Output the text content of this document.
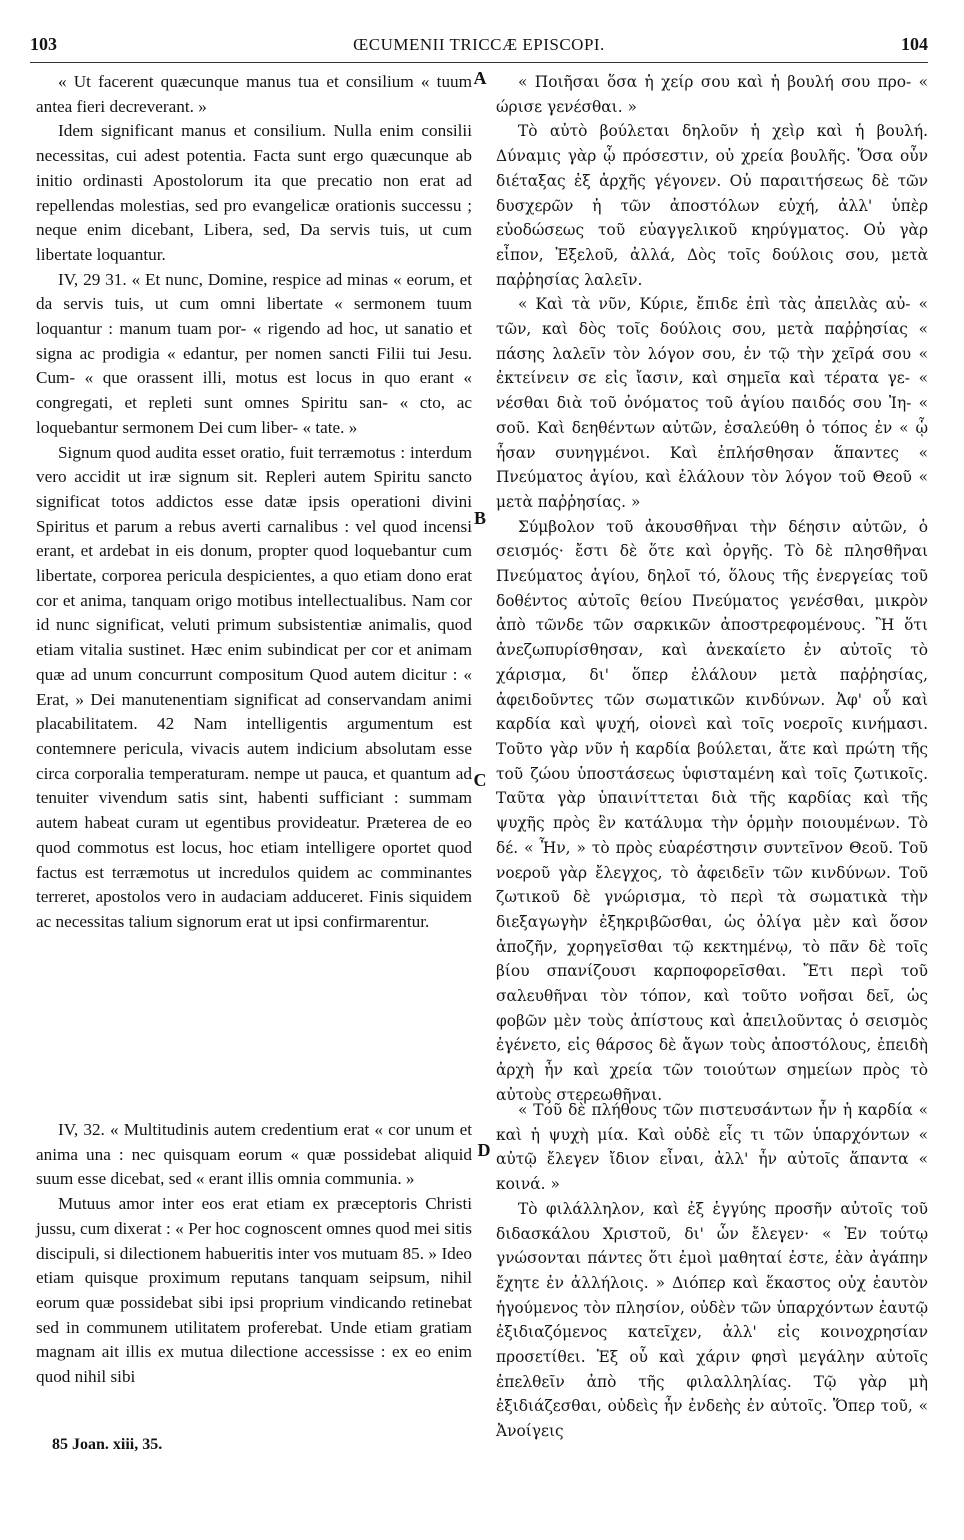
103	ŒCUMENII TRICCÆ EPISCOPI.	104
A
B
C
D

« Ut facerent quæcunque manus tua et consilium « tuum antea fieri decreverant. »

Idem significant manus et consilium. Nulla enim consilii necessitas, cui adest potentia. Facta sunt ergo quæcunque ab initio ordinasti Apostolorum ita que precatio non erat ad repellendas molestias, sed pro evangelicæ orationis successu ; neque enim dicebant, Libera, sed, Da servis tuis, ut cum libertate loquantur.

IV, 29 31. « Et nunc, Domine, respice ad minas « eorum, et da servis tuis, ut cum omni libertate « sermonem tuum loquantur : manum tuam por- « rigendo ad hoc, ut sanatio et signa ac prodigia « edantur, per nomen sancti Filii tui Jesu. Cum- « que orassent illi, motus est locus in quo erant « congregati, et repleti sunt omnes Spiritu san- « cto, ac loquebantur sermonem Dei cum liber- « tate. »

Signum quod audita esset oratio, fuit terræmotus : interdum vero accidit ut iræ signum sit. Repleri autem Spiritu sancto significat totos addictos esse datæ ipsis operationi divini Spiritus et parum a rebus averti carnalibus : vel quod incensi erant, et ardebat in eis donum, propter quod loquebantur cum libertate, corporea pericula despicientes, a quo etiam dono erat cor et anima, tanquam origo motibus intellectualibus. Nam cor id nunc significat, veluti primum subsistentiæ animalis, quod etiam vitalia sustinet. Hæc enim subindicat per cor et animam quæ ad unum concurrunt compositum Quod autem dicitur : « Erat, » Dei manutenentiam significat ad conservandam animi placabilitatem. 42 Nam intelligentis argumentum est contemnere pericula, vivacis autem indicium absolutam esse circa corporalia temperaturam. nempe ut pauca, et quantum ad tenuiter vivendum satis sint, habenti sufficiant : summam autem habeat curam ut egentibus provideatur. Præterea de eo quod commotus est locus, hoc etiam intelligere oportet quod factus est terræmotus ut incredulos quidem ac comminantes terreret, apostolos vero in audaciam adduceret. Finis siquidem ac necessitas talium signorum erat ut ipsi confirmarentur.

IV, 32. « Multitudinis autem credentium erat « cor unum et anima una : nec quisquam eorum « quæ possidebat aliquid suum esse dicebat, sed « erant illis omnia communia. »

Mutuus amor inter eos erat etiam ex præceptoris Christi jussu, cum dixerat : « Per hoc cognoscent omnes quod mei sitis discipuli, si dilectionem habueritis inter vos mutuam 85. » Ideo etiam quisque proximum reputans tanquam seipsum, nihil eorum quæ possidebat sibi ipsi proprium vindicando retinebat sed in communem utilitatem proferebat. Unde etiam gratiam magnam ait illis ex mutua dilectione accessisse : ex eo enim quod nihil sibi

« Ποιῆσαι ὅσα ἡ χείρ σου καὶ ἡ βουλή σου προ- « ώρισε γενέσθαι. »

Τὸ αὐτὸ βούλεται δηλοῦν ἡ χεὶρ καὶ ἡ βουλή. Δύναμις γὰρ ᾧ πρόσεστιν, οὐ χρεία βουλῆς. Ὅσα οὖν διέταξας ἐξ ἀρχῆς γέγονεν. Οὐ παραιτήσεως δὲ τῶν δυσχερῶν ἡ τῶν ἀποστόλων εὐχή, ἀλλ' ὑπὲρ εὐοδώσεως τοῦ εὐαγγελικοῦ κηρύγματος. Οὐ γὰρ εἶπον, Ἐξελοῦ, ἀλλά, Δὸς τοῖς δούλοις σου, μετὰ παῤῥησίας λαλεῖν.

« Καὶ τὰ νῦν, Κύριε, ἔπιδε ἐπὶ τὰς ἀπειλὰς αὐ- « τῶν, καὶ δὸς τοῖς δούλοις σου, μετὰ παῤῥησίας « πάσης λαλεῖν τὸν λόγον σου, ἐν τῷ τὴν χεῖρά σου « ἐκτείνειν σε εἰς ἴασιν, καὶ σημεῖα καὶ τέρατα γε- « νέσθαι διὰ τοῦ ὀνόματος τοῦ ἁγίου παιδός σου Ἰη- « σοῦ. Καὶ δεηθέντων αὐτῶν, ἐσαλεύθη ὁ τόπος ἐν « ᾧ ἦσαν συνηγμένοι. Καὶ ἐπλήσθησαν ἅπαντες « Πνεύματος ἁγίου, καὶ ἐλάλουν τὸν λόγον τοῦ Θεοῦ « μετὰ παῤῥησίας. »

Σύμβολον τοῦ ἀκουσθῆναι τὴν δέησιν αὐτῶν, ὁ σεισμός· ἔστι δὲ ὅτε καὶ ὀργῆς. Τὸ δὲ πλησθῆναι Πνεύματος ἁγίου, δηλοῖ τό, ὅλους τῆς ἐνεργείας τοῦ δοθέντος αὐτοῖς θείου Πνεύματος γενέσθαι, μικρὸν ἀπὸ τῶνδε τῶν σαρκικῶν ἀποστρεφομένους. Ἢ ὅτι ἀνεζωπυρίσθησαν, καὶ ἀνεκαίετο ἐν αὐτοῖς τὸ χάρισμα, δι' ὅπερ ἐλάλουν μετὰ παῤῥησίας, ἀφειδοῦντες τῶν σωματικῶν κινδύνων. Ἀφ' οὗ καὶ καρδία καὶ ψυχή, οἱονεὶ καὶ τοῖς νοεροῖς κινήμασι. Τοῦτο γὰρ νῦν ἡ καρδία βούλεται, ἅτε καὶ πρώτη τῆς τοῦ ζώου ὑποστάσεως ὑφισταμένη καὶ τοῖς ζωτικοῖς. Ταῦτα γὰρ ὑπαινίττεται διὰ τῆς καρδίας καὶ τῆς ψυχῆς πρὸς ἓν κατάλυμα τὴν ὁρμὴν ποιουμένων. Τὸ δέ. « Ἦν, » τὸ πρὸς εὐαρέστησιν συντεῖνον Θεοῦ. Τοῦ νοεροῦ γὰρ ἔλεγχος, τὸ ἀφειδεῖν τῶν κινδύνων. Τοῦ ζωτικοῦ δὲ γνώρισμα, τὸ περὶ τὰ σωματικὰ τὴν διεξαγωγὴν ἐξηκριβῶσθαι, ὡς ὀλίγα μὲν καὶ ὅσον ἀποζῆν, χορηγεῖσθαι τῷ κεκτημένῳ, τὸ πᾶν δὲ τοῖς βίου σπανίζουσι καρποφορεῖσθαι. Ἔτι περὶ τοῦ σαλευθῆναι τὸν τόπον, καὶ τοῦτο νοῆσαι δεῖ, ὡς φοβῶν μὲν τοὺς ἀπίστους καὶ ἀπειλοῦντας ὁ σεισμὸς ἐγένετο, εἰς θάρσος δὲ ἄγων τοὺς ἀποστόλους, ἐπειδὴ ἀρχὴ ἦν καὶ χρεία τῶν τοιούτων σημείων πρὸς τὸ αὐτοὺς στερεωθῆναι.

« Τοῦ δὲ πλήθους τῶν πιστευσάντων ἦν ἡ καρδία « καὶ ἡ ψυχὴ μία. Καὶ οὐδὲ εἷς τι τῶν ὑπαρχόντων « αὐτῷ ἔλεγεν ἴδιον εἶναι, ἀλλ' ἦν αὐτοῖς ἅπαντα « κοινά. »

Τὸ φιλάλληλον, καὶ ἐξ ἐγγύης προσῆν αὐτοῖς τοῦ διδασκάλου Χριστοῦ, δι' ὧν ἔλεγεν· « Ἐν τούτῳ γνώσονται πάντες ὅτι ἐμοὶ μαθηταί ἐστε, ἐὰν ἀγάπην ἔχητε ἐν ἀλλήλοις. » Διόπερ καὶ ἕκαστος οὐχ ἑαυτὸν ἡγούμενος τὸν πλησίον, οὐδὲν τῶν ὑπαρχόντων ἑαυτῷ ἐξιδιαζόμενος κατεῖχεν, ἀλλ' εἰς κοινοχρησίαν προσετίθει. Ἐξ οὗ καὶ χάριν φησὶ μεγάλην αὐτοῖς ἐπελθεῖν ἀπὸ τῆς φιλαλληλίας. Τῷ γὰρ μὴ ἐξιδιάζεσθαι, οὐδεὶς ἦν ἐνδεὴς ἐν αὐτοῖς. Ὅπερ τοῦ, « Ἀνοίγεις

85 Joan. xiii, 35.
